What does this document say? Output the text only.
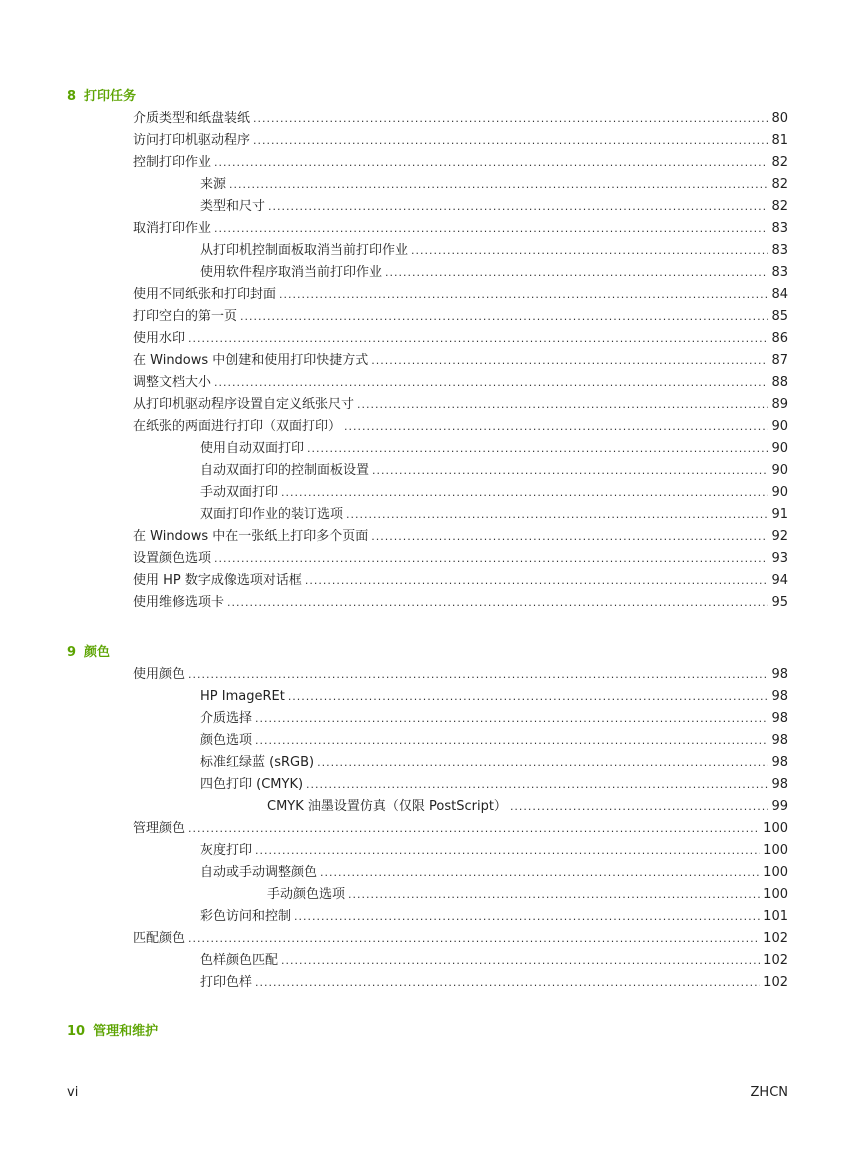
8 打印任务
介质类型和纸盘装纸 .....	80
访问打印机驱动程序 .....	81
控制打印作业 .....	82
来源 .....	82
类型和尺寸 .....	82
取消打印作业 .....	83
从打印机控制面板取消当前打印作业 .....	83
使用软件程序取消当前打印作业 .....	83
使用不同纸张和打印封面 .....	84
打印空白的第一页 .....	85
使用水印 .....	86
在 Windows 中创建和使用打印快捷方式 .....	87
调整文档大小 .....	88
从打印机驱动程序设置自定义纸张尺寸 .....	89
在纸张的两面进行打印（双面打印） .....	90
使用自动双面打印 .....	90
自动双面打印的控制面板设置 .....	90
手动双面打印 .....	90
双面打印作业的装订选项 .....	91
在 Windows 中在一张纸上打印多个页面 .....	92
设置颜色选项 .....	93
使用 HP 数字成像选项对话框 .....	94
使用维修选项卡 .....	95
9 颜色
使用颜色 .....	98
HP ImageREt .....	98
介质选择 .....	98
颜色选项 .....	98
标准红绿蓝 (sRGB) .....	98
四色打印 (CMYK) .....	98
CMYK 油墨设置仿真（仅限 PostScript） .....	99
管理颜色 .....	100
灰度打印 .....	100
自动或手动调整颜色 .....	100
手动颜色选项 .....	100
彩色访问和控制 .....	101
匹配颜色 .....	102
色样颜色匹配 .....	102
打印色样 .....	102
10 管理和维护
vi	ZHCN
